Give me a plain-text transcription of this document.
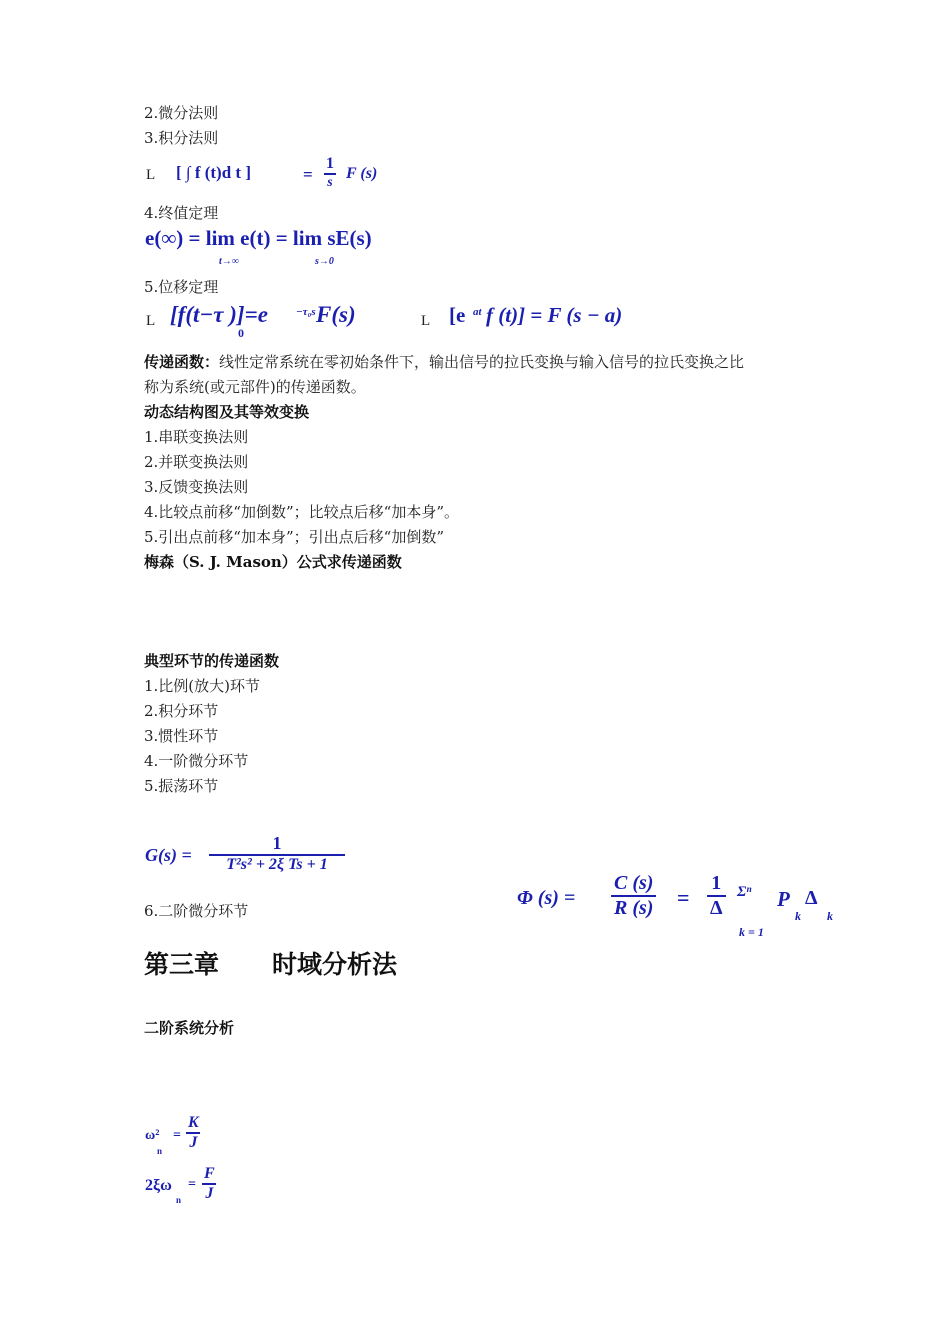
2.微分法则
3.积分法则
L [ ∫ f (t)d t ]	= $\frac{1}{s}$ F (s)
4.终值定理
e(∞) = lim e(t) = lim sE(s)
t→∞	s→0
5.位移定理
L [f(t−τ )]=e
0
−τ₀s F(s)	L [e at f (t)] = F (s − a)
传递函数：线性定常系统在零初始条件下，输出信号的拉氏变换与输入信号的拉氏变换之比
称为系统(或元部件)的传递函数。
动态结构图及其等效变换
1.串联变换法则
2.并联变换法则
3.反馈变换法则
4.比较点前移“加倒数”；比较点后移“加本身”。
5.引出点前移“加本身”；引出点后移“加倒数”
梅森（S. J. Mason）公式求传递函数
典型环节的传递函数
1.比例(放大)环节
2.积分环节
3.惯性环节
4.一阶微分环节
5.振荡环节
$G(s) = \frac{1}{\text{T²s² + 2ξ Ts + 1}}$
6.二阶微分环节
Φ $(s) = \frac{C (s)}{R (s)} = \frac{1}{\Delta}$ Σⁿ
k = 1
P
k
Δ
k
第三章 时域分析法
二阶系统分析
ω²
n
= $\frac{K}{J}$
2ξω
n
= $\frac{F}{J}$
